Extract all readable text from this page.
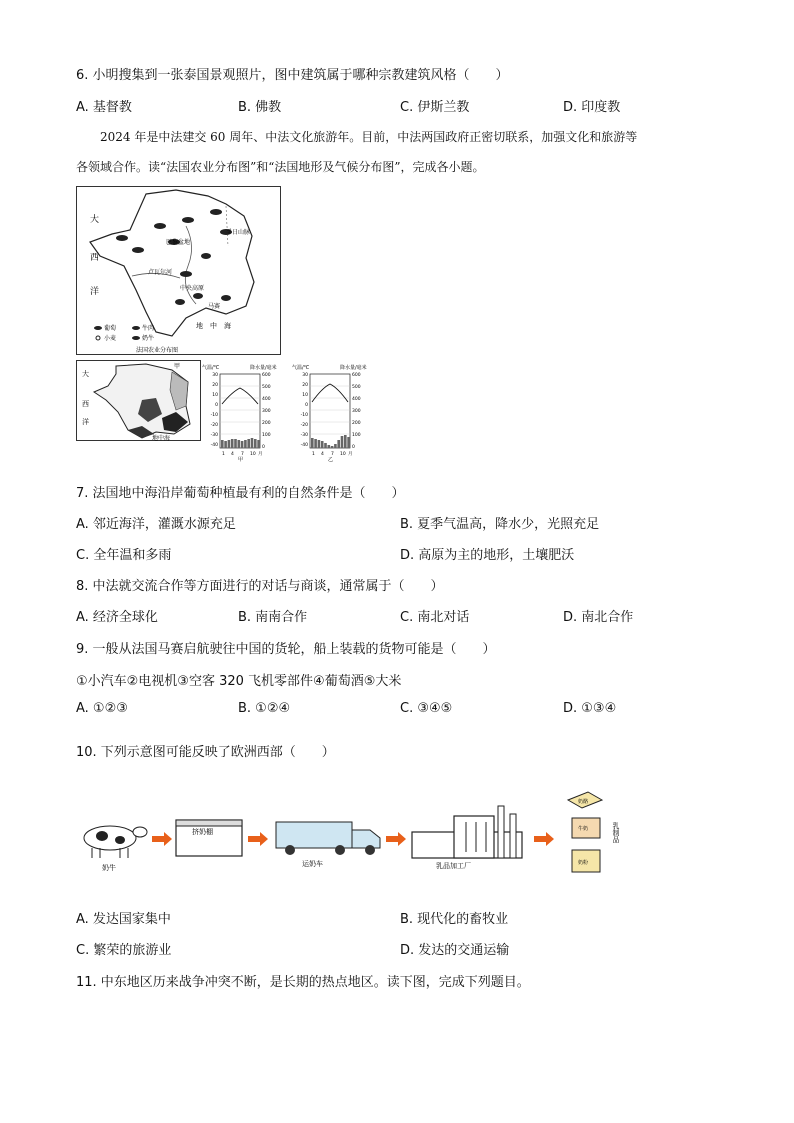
6. 小明搜集到一张泰国景观照片，图中建筑属于哪种宗教建筑风格（　　）
A. 基督教	B. 佛教	C. 伊斯兰教	D. 印度教
2024 年是中法建交 60 周年、中法文化旅游年。目前，中法两国政府正密切联系，加强文化和旅游等
各领域合作。读“法国农业分布图”和“法国地形及气候分布图”，完成各小题。
大
西
洋
巴黎盆地
孚日山脉
卢瓦尔河
中央高原
马赛
地　中　海
葡萄	牛肉
小麦	奶牛
法国农业分布图
大
西
洋
甲
地中海
气温/℃	降水量/毫米
30
20
10
0
-10
-20
-30
-40
600
500
400
300
200
100
0
1 4 7 10 月
甲
气温/℃	降水量/毫米
30
20
10
0
-10
-20
-30
-40
600
500
400
300
200
100
0
1 4 7 10 月
乙
7. 法国地中海沿岸葡萄种植最有利的自然条件是（　　）
A. 邻近海洋，灌溉水源充足	B. 夏季气温高，降水少，光照充足
C. 全年温和多雨	D. 高原为主的地形，土壤肥沃
8. 中法就交流合作等方面进行的对话与商谈，通常属于（　　）
A. 经济全球化	B. 南南合作	C. 南北对话	D. 南北合作
9. 一般从法国马赛启航驶往中国的货轮，船上装载的货物可能是（　　）
①小汽车②电视机③空客 320 飞机零部件④葡萄酒⑤大米
A. ①②③	B. ①②④	C. ③④⑤	D. ①③④
10. 下列示意图可能反映了欧洲西部（　　）
奶牛
挤奶棚
运奶车	乳品加工厂
奶酪
牛奶
奶粉
乳制品
A. 发达国家集中	B. 现代化的畜牧业
C. 繁荣的旅游业	D. 发达的交通运输
11. 中东地区历来战争冲突不断，是长期的热点地区。读下图，完成下列题目。
